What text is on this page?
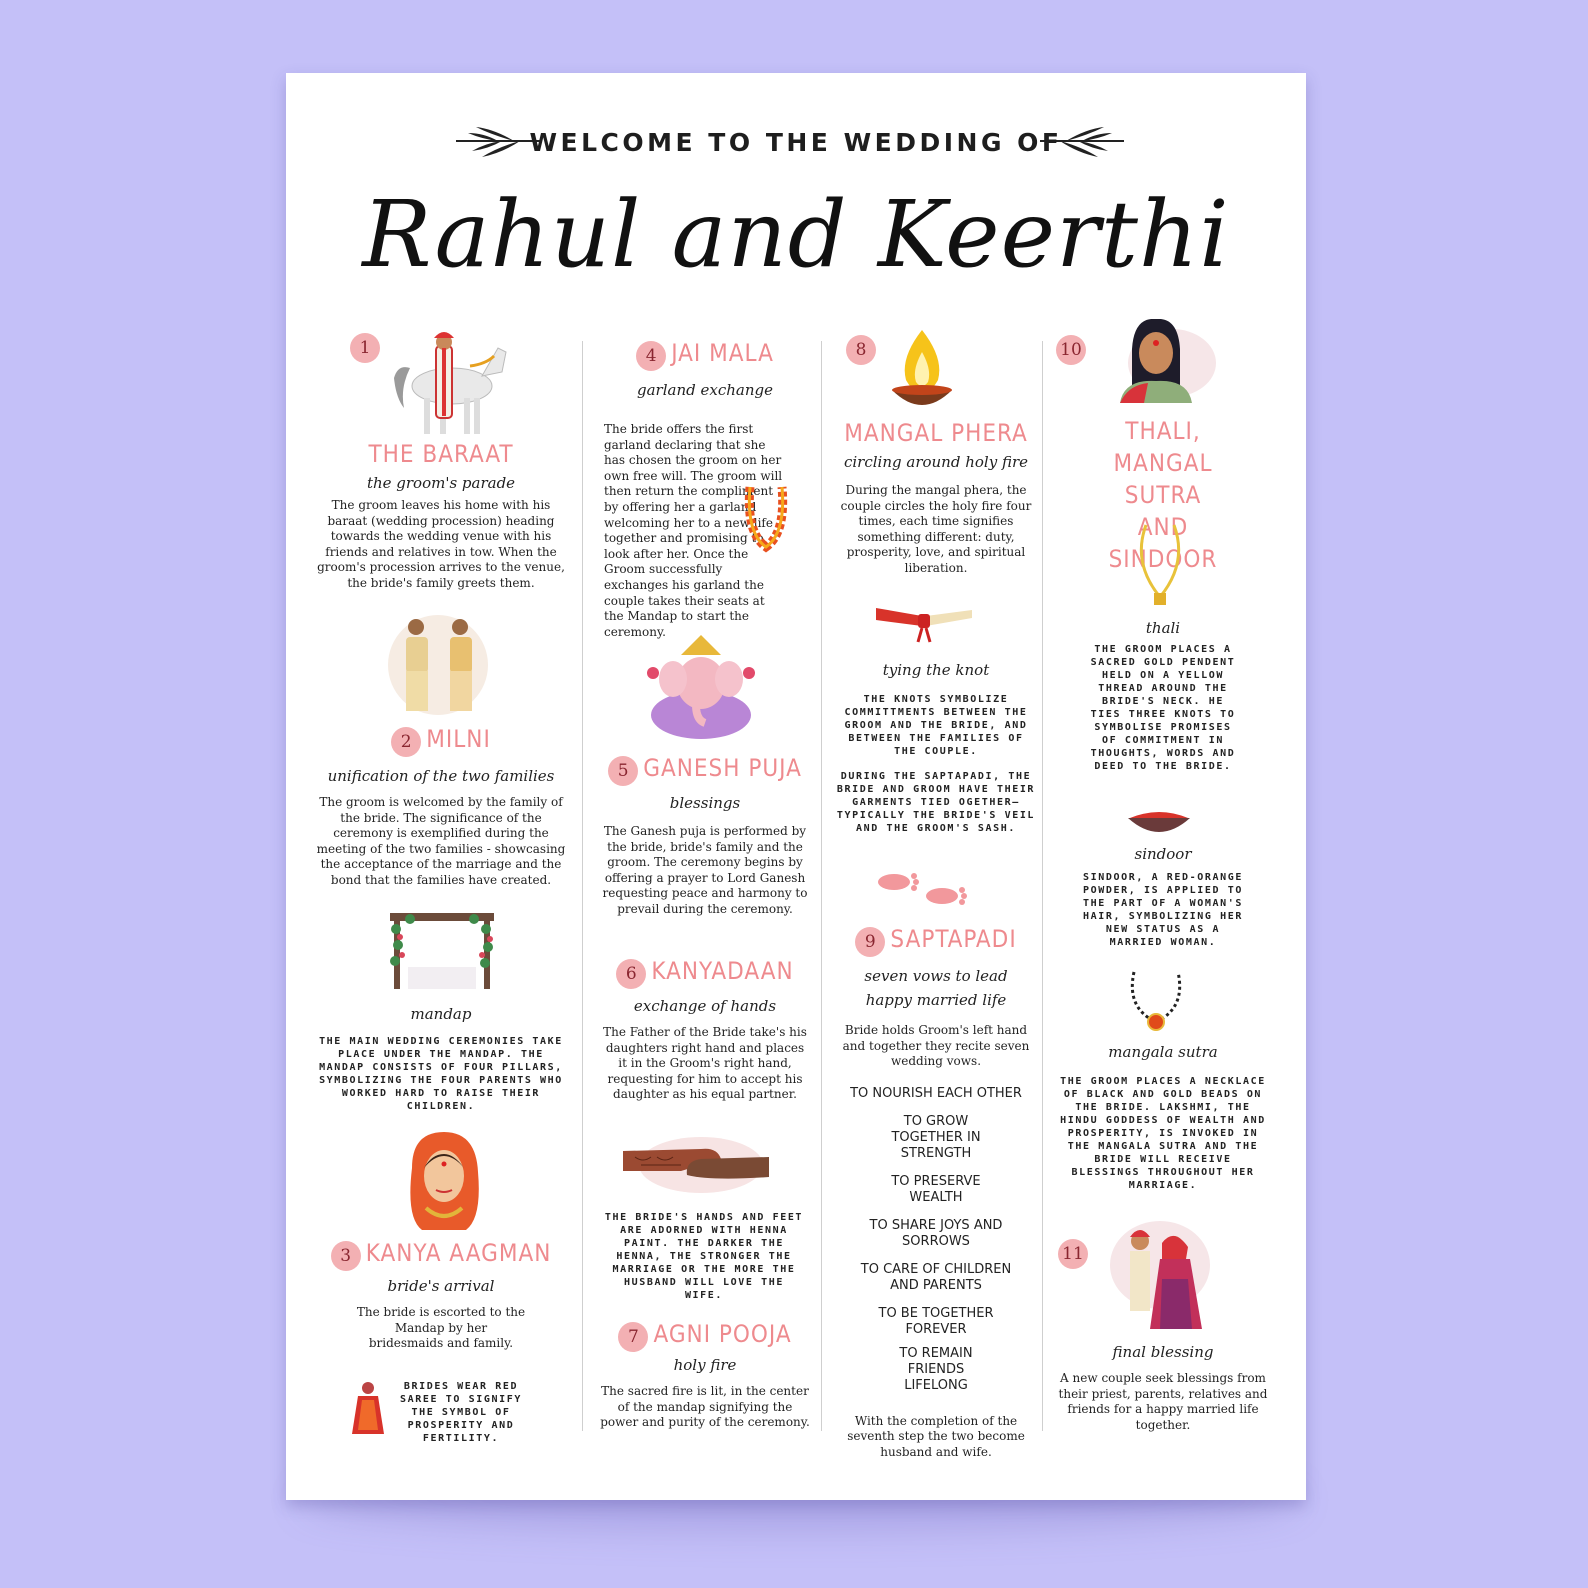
WELCOME TO THE WEDDING OF
Rahul and Keerthi
1
THE BARAAT
the groom's parade
The groom leaves his home with his baraat (wedding procession) heading towards the wedding venue with his friends and relatives in tow. When the groom's procession arrives to the venue, the bride's family greets them.
2 MILNI
unification of the two families
The groom is welcomed by the family of the bride. The significance of the ceremony is exemplified during the meeting of the two families - showcasing the acceptance of the marriage and the bond that the families have created.
mandap
THE MAIN WEDDING CEREMONIES TAKE PLACE UNDER THE MANDAP. THE MANDAP CONSISTS OF FOUR PILLARS, SYMBOLIZING THE FOUR PARENTS WHO WORKED HARD TO RAISE THEIR CHILDREN.
3 KANYA AAGMAN
bride's arrival
The bride is escorted to the Mandap by her bridesmaids and family.
BRIDES WEAR RED SAREE TO SIGNIFY THE SYMBOL OF PROSPERITY AND FERTILITY.
4 JAI MALA
garland exchange
The bride offers the first garland declaring that she has chosen the groom on her own free will. The groom will then return the compliment by offering her a garland welcoming her to a new life together and promising to look after her. Once the Groom successfully exchanges his garland the couple takes their seats at the Mandap to start the ceremony.
5 GANESH PUJA
blessings
The Ganesh puja is performed by the bride, bride's family and the groom. The ceremony begins by offering a prayer to Lord Ganesh requesting peace and harmony to prevail during the ceremony.
6 KANYADAAN
exchange of hands
The Father of the Bride take's his daughters right hand and places it in the Groom's right hand, requesting for him to accept his daughter as his equal partner.
THE BRIDE'S HANDS AND FEET ARE ADORNED WITH HENNA PAINT. THE DARKER THE HENNA, THE STRONGER THE MARRIAGE OR THE MORE THE HUSBAND WILL LOVE THE WIFE.
7 AGNI POOJA
holy fire
The sacred fire is lit, in the center of the mandap signifying the power and purity of the ceremony.
8
MANGAL PHERA
circling around holy fire
During the mangal phera, the couple circles the holy fire four times, each time signifies something different: duty, prosperity, love, and spiritual liberation.
tying the knot
THE KNOTS SYMBOLIZE COMMITTMENTS BETWEEN THE GROOM AND THE BRIDE, AND BETWEEN THE FAMILIES OF THE COUPLE.
DURING THE SAPTAPADI, THE BRIDE AND GROOM HAVE THEIR GARMENTS TIED OGETHER—TYPICALLY THE BRIDE'S VEIL AND THE GROOM'S SASH.
9 SAPTAPADI
seven vows to lead
happy married life
Bride holds Groom's left hand and together they recite seven wedding vows.
TO NOURISH EACH OTHER
TO GROW TOGETHER IN STRENGTH
TO PRESERVE WEALTH
TO SHARE JOYS AND SORROWS
TO CARE OF CHILDREN AND PARENTS
TO BE TOGETHER FOREVER
TO REMAIN FRIENDS LIFELONG
With the completion of the seventh step the two become husband and wife.
10
THALI, MANGAL SUTRA AND SINDOOR
thali
THE GROOM PLACES A SACRED GOLD PENDENT HELD ON A YELLOW THREAD AROUND THE BRIDE'S NECK. HE TIES THREE KNOTS TO SYMBOLISE PROMISES OF COMMITMENT IN THOUGHTS, WORDS AND DEED TO THE BRIDE.
sindoor
SINDOOR, A RED-ORANGE POWDER, IS APPLIED TO THE PART OF A WOMAN'S HAIR, SYMBOLIZING HER NEW STATUS AS A MARRIED WOMAN.
mangala sutra
THE GROOM PLACES A NECKLACE OF BLACK AND GOLD BEADS ON THE BRIDE. LAKSHMI, THE HINDU GODDESS OF WEALTH AND PROSPERITY, IS INVOKED IN THE MANGALA SUTRA AND THE BRIDE WILL RECEIVE BLESSINGS THROUGHOUT HER MARRIAGE.
11
final blessing
A new couple seek blessings from their priest, parents, relatives and friends for a happy married life together.
